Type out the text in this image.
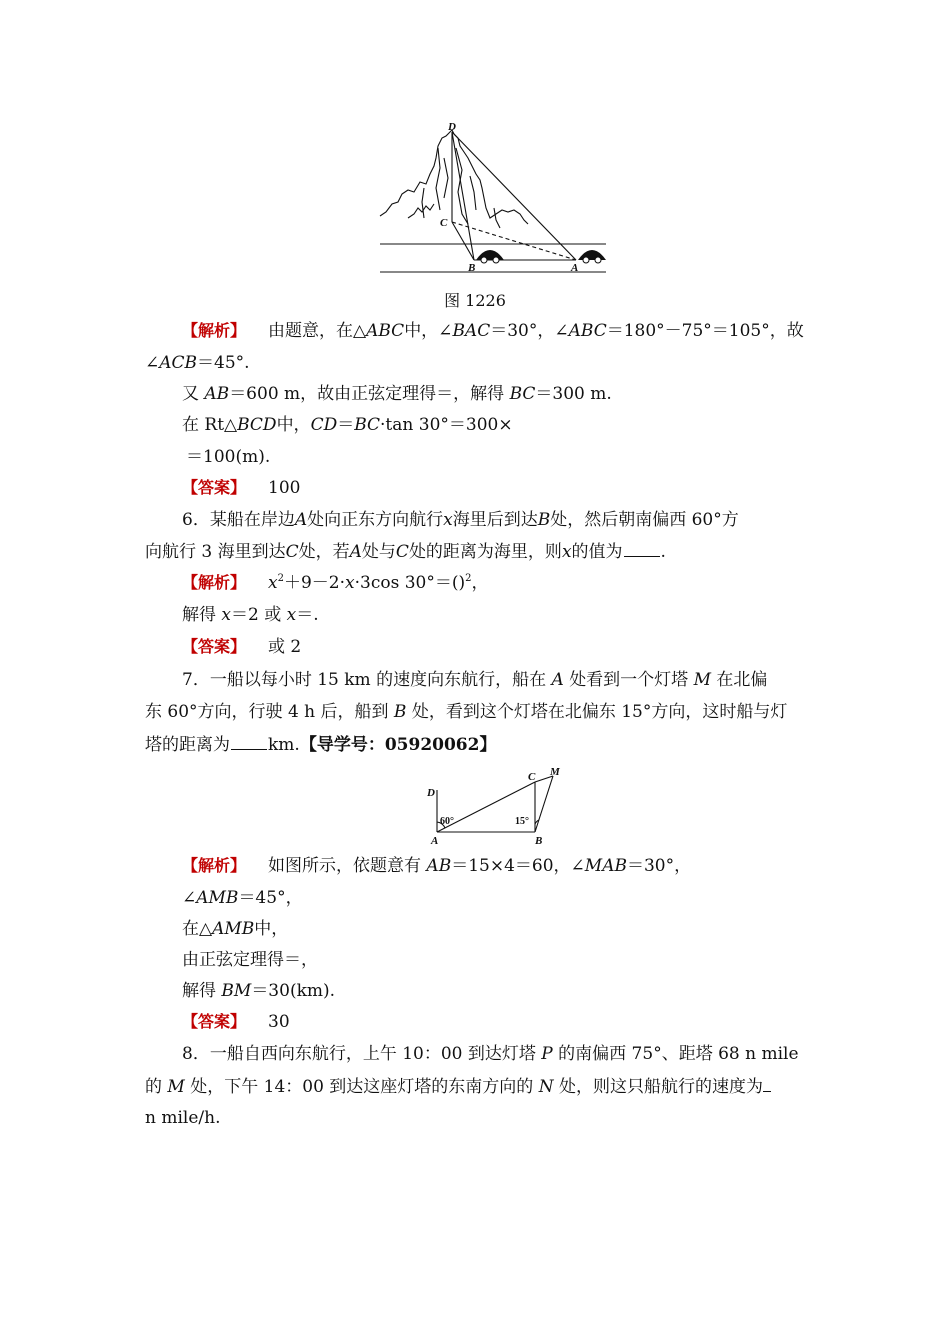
D
C
B	A
图 1226
【解析】 由题意，在△ABC中，∠BAC＝30°，∠ABC＝180°－75°＝105°，故
∠ACB＝45°.
又 AB＝600 m，故由正弦定理得＝，解得 BC＝300 m.
在 Rt△BCD中，CD＝BC·tan 30°＝300×
＝100(m).
【答案】 100
6．某船在岸边A处向正东方向航行x海里后到达B处，然后朝南偏西 60°方
向航行 3 海里到达C处，若A处与C处的距离为海里，则x的值为 .
【解析】 $x^2+9-2\cdot x\cdot 3\cos$ 30°＝()$^2$，
解得 x＝2 或 x＝.
【答案】 或 2
7．一船以每小时 15 km 的速度向东航行，船在 A 处看到一个灯塔 M 在北偏
东 60°方向，行驶 4 h 后，船到 B 处，看到这个灯塔在北偏东 15°方向，这时船与灯
塔的距离为 km.【导学号：05920062】
D
C M
A	B
60°	15°
【解析】 如图所示，依题意有 AB＝15×4＝60，∠MAB＝30°，
∠AMB＝45°，
在△AMB中，
由正弦定理得＝，
解得 BM＝30(km).
【答案】 30
8．一船自西向东航行，上午 10：00 到达灯塔 P 的南偏西 75°、距塔 68 n mile
的 M 处，下午 14：00 到达这座灯塔的东南方向的 N 处，则这只船航行的速度为
n mile/h.
